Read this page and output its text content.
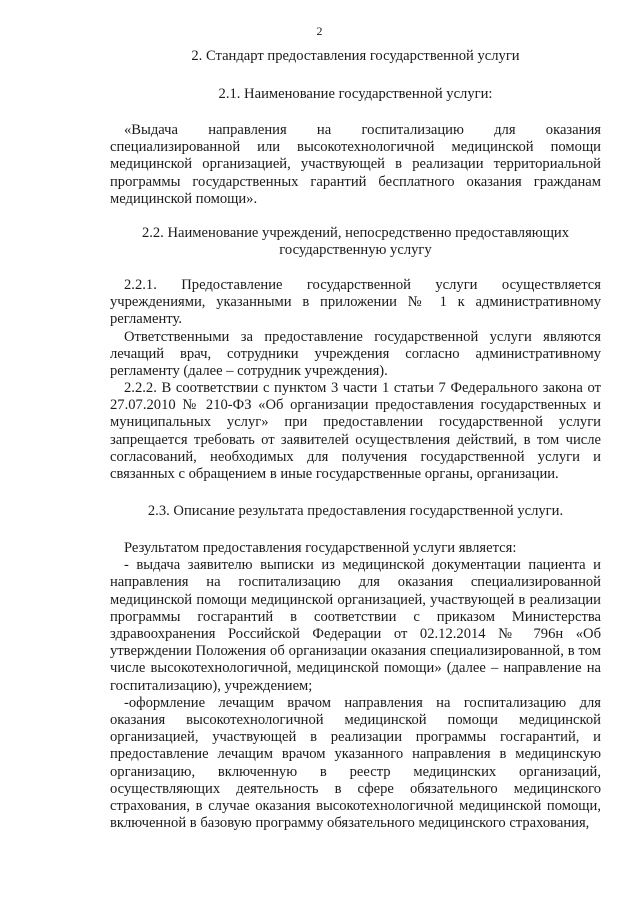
2

2. Стандарт предоставления государственной услуги

2.1. Наименование государственной услуги:

«Выдача направления на госпитализацию для оказания специализированной или высокотехнологичной медицинской помощи медицинской организацией, участвующей в реализации территориальной программы государственных гарантий бесплатного оказания гражданам медицинской помощи».

2.2. Наименование учреждений, непосредственно предоставляющих государственную услугу

2.2.1. Предоставление государственной услуги осуществляется учреждениями, указанными в приложении № 1 к административному регламенту.

Ответственными за предоставление государственной услуги являются лечащий врач, сотрудники учреждения согласно административному регламенту (далее – сотрудник учреждения).

2.2.2. В соответствии с пунктом 3 части 1 статьи 7 Федерального закона от 27.07.2010 № 210-ФЗ «Об организации предоставления государственных и муниципальных услуг» при предоставлении государственной услуги запрещается требовать от заявителей осуществления действий, в том числе согласований, необходимых для получения государственной услуги и связанных с обращением в иные государственные органы, организации.

2.3. Описание результата предоставления государственной услуги.

Результатом предоставления государственной услуги является:

- выдача заявителю выписки из медицинской документации пациента и направления на госпитализацию для оказания специализированной медицинской помощи медицинской организацией, участвующей в реализации программы госгарантий в соответствии с приказом Министерства здравоохранения Российской Федерации от 02.12.2014 № 796н «Об утверждении Положения об организации оказания специализированной, в том числе высокотехнологичной, медицинской помощи» (далее – направление на госпитализацию), учреждением;

-оформление лечащим врачом направления на госпитализацию для оказания высокотехнологичной медицинской помощи медицинской организацией, участвующей в реализации программы госгарантий, и предоставление лечащим врачом указанного направления в медицинскую организацию, включенную в реестр медицинских организаций, осуществляющих деятельность в сфере обязательного медицинского страхования, в случае оказания высокотехнологичной медицинской помощи, включенной в базовую программу обязательного медицинского страхования,
